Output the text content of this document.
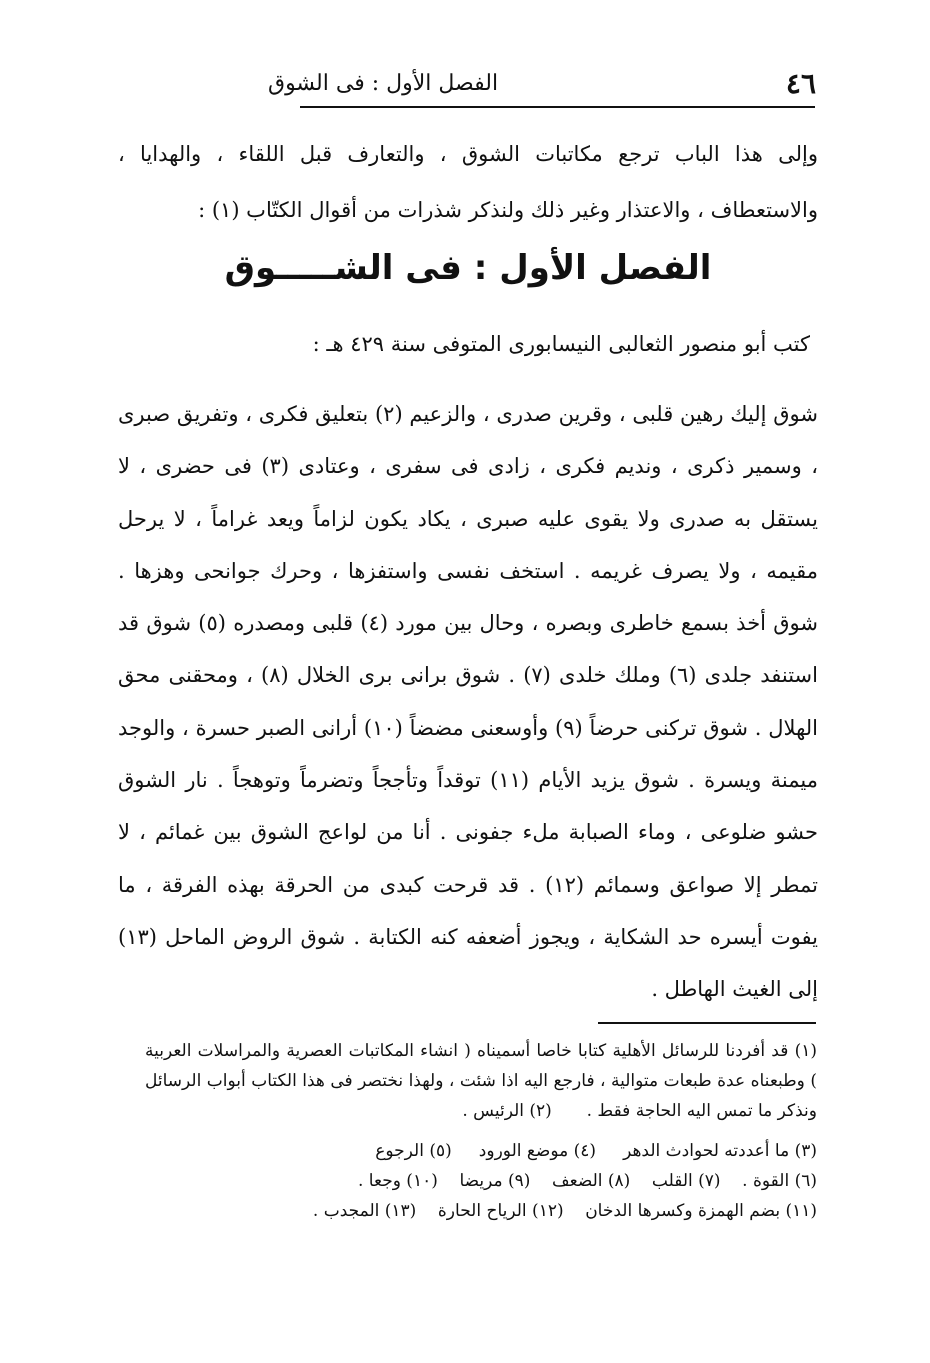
٤٦
الفصل الأول : فى الشوق

وإلى هذا الباب ترجع مكاتبات الشوق ، والتعارف قبل اللقاء ، والهدايا ، والاستعطاف ، والاعتذار وغير ذلك ولنذكر شذرات من أقوال الكتّاب (١) :

الفصل الأول : فى الشـــــوق

كتب أبو منصور الثعالبى النيسابورى المتوفى سنة ٤٢٩ هـ :

شوق إليك رهين قلبى ، وقرين صدرى ، والزعيم (٢) بتعليق فكرى ، وتفريق صبرى ، وسمير ذكرى ، ونديم فكرى ، زادى فى سفرى ، وعتادى (٣) فى حضرى ، لا يستقل به صدرى ولا يقوى عليه صبرى ، يكاد يكون لزاماً ويعد غراماً ، لا يرحل مقيمه ، ولا يصرف غريمه . استخف نفسى واستفزها ، وحرك جوانحى وهزها . شوق أخذ بسمع خاطرى وبصره ، وحال بين مورد (٤) قلبى ومصدره (٥) شوق قد استنفد جلدى (٦) وملك خلدى (٧) . شوق برانى برى الخلال (٨) ، ومحقنى محق الهلال . شوق تركنى حرضاً (٩) وأوسعنى مضضاً (١٠) أرانى الصبر حسرة ، والوجد ميمنة ويسرة . شوق يزيد الأيام (١١) توقداً وتأججاً وتضرماً وتوهجاً . نار الشوق حشو ضلوعى ، وماء الصبابة ملء جفونى . أنا من لواعج الشوق بين غمائم ، لا تمطر إلا صواعق وسمائم (١٢) . قد قرحت كبدى من الحرقة بهذه الفرقة ، ما يفوت أيسره حد الشكاية ، ويجوز أضعفه كنه الكتابة . شوق الروض الماحل (١٣) إلى الغيث الهاطل .

(١) قد أفردنا للرسائل الأهلية كتابا خاصا أسميناه ( انشاء المكاتبات العصرية والمراسلات العربية ) وطبعناه عدة طبعات متوالية ، فارجع اليه اذا شئت ، ولهذا نختصر فى هذا الكتاب أبواب الرسائل ونذكر ما تمس اليه الحاجة فقط .  (٢) الرئيس .

(٣) ما أعددته لحوادث الدهر     (٤) موضع الورود     (٥) الرجوع

(٦) القوة .    (٧) القلب    (٨) الضعف    (٩) مريضا    (١٠) وجعا .

(١١) بضم الهمزة وكسرها الدخان    (١٢) الرياح الحارة    (١٣) المجدب .
